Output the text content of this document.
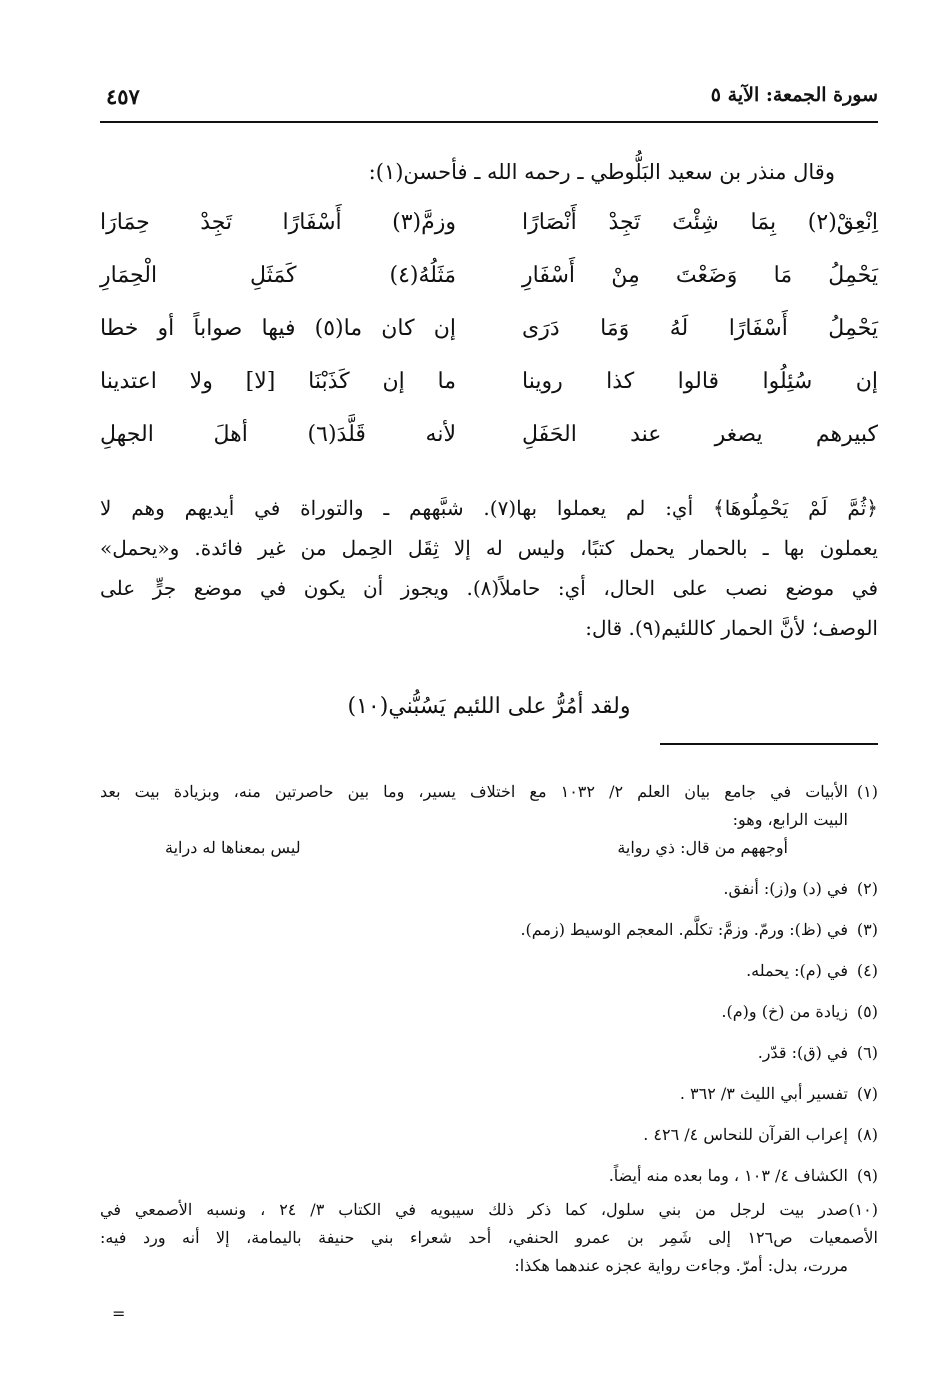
سورة الجمعة: الآية ٥
٤٥٧
وقال منذر بن سعيد البَلُّوطي ـ رحمه الله ـ فأحسن(١):
اِنْعِقْ(٢) بِمَا شِئْتَ تَجِدْ أَنْصَارًا
وزمَّ(٣) أَسْفَارًا تَجِدْ حِمَارَا
يَحْمِلُ مَا وَضَعْتَ مِنْ أَسْفَارِ
مَثَلُهُ(٤) كَمَثَلِ الْحِمَارِ
يَحْمِلُ أَسْفَارًا لَهُ وَمَا دَرَى
إن كان ما(٥) فيها صواباً أو خطا
إن سُئِلُوا قالوا كذا روينا
ما إن كَذَبْنَا [لا] ولا اعتدينا
كبيرهم يصغر عند الحَفَلِ
لأنه قَلَّدَ(٦) أهلَ الجهلِ
﴿ثُمَّ لَمْ يَحْمِلُوهَا﴾ أي: لم يعملوا بها(٧). شبَّههم ـ والتوراة في أيديهم وهم لا
يعملون بها ـ بالحمار يحمل كتبًا، وليس له إلا ثِقَل الحِمل من غير فائدة. و«يحمل»
في موضع نصب على الحال، أي: حاملاً(٨). ويجوز أن يكون في موضع جرٍّ على
الوصف؛ لأنَّ الحمار كاللئيم(٩). قال:
ولقد أمُرُّ على اللئيم يَسُبُّني(١٠)
(١)الأبيات في جامع بيان العلم ٢/ ١٠٣٢ مع اختلاف يسير، وما بين حاصرتين منه، وبزيادة بيت بعد
البيت الرابع، وهو:
أوجههم من قال: ذي رواية
ليس بمعناها له دراية
(٢)في (د) و(ز): أنفق.
(٣)في (ظ): ورمّ. وزمَّ: تكلَّم. المعجم الوسيط (زمم).
(٤)في (م): يحمله.
(٥)زيادة من (خ) و(م).
(٦)في (ق): قدّر.
(٧)تفسير أبي الليث ٣/ ٣٦٢ .
(٨)إعراب القرآن للنحاس ٤/ ٤٢٦ .
(٩)الكشاف ٤/ ١٠٣ ، وما بعده منه أيضاً.
(١٠)صدر بيت لرجل من بني سلول، كما ذكر ذلك سيبويه في الكتاب ٣/ ٢٤ ، ونسبه الأصمعي في
الأصمعيات ص١٢٦ إلى شَمِر بن عمرو الحنفي، أحد شعراء بني حنيفة باليمامة، إلا أنه ورد فيه:
مررت، بدل: أمرّ. وجاءت رواية عجزه عندهما هكذا:
=
